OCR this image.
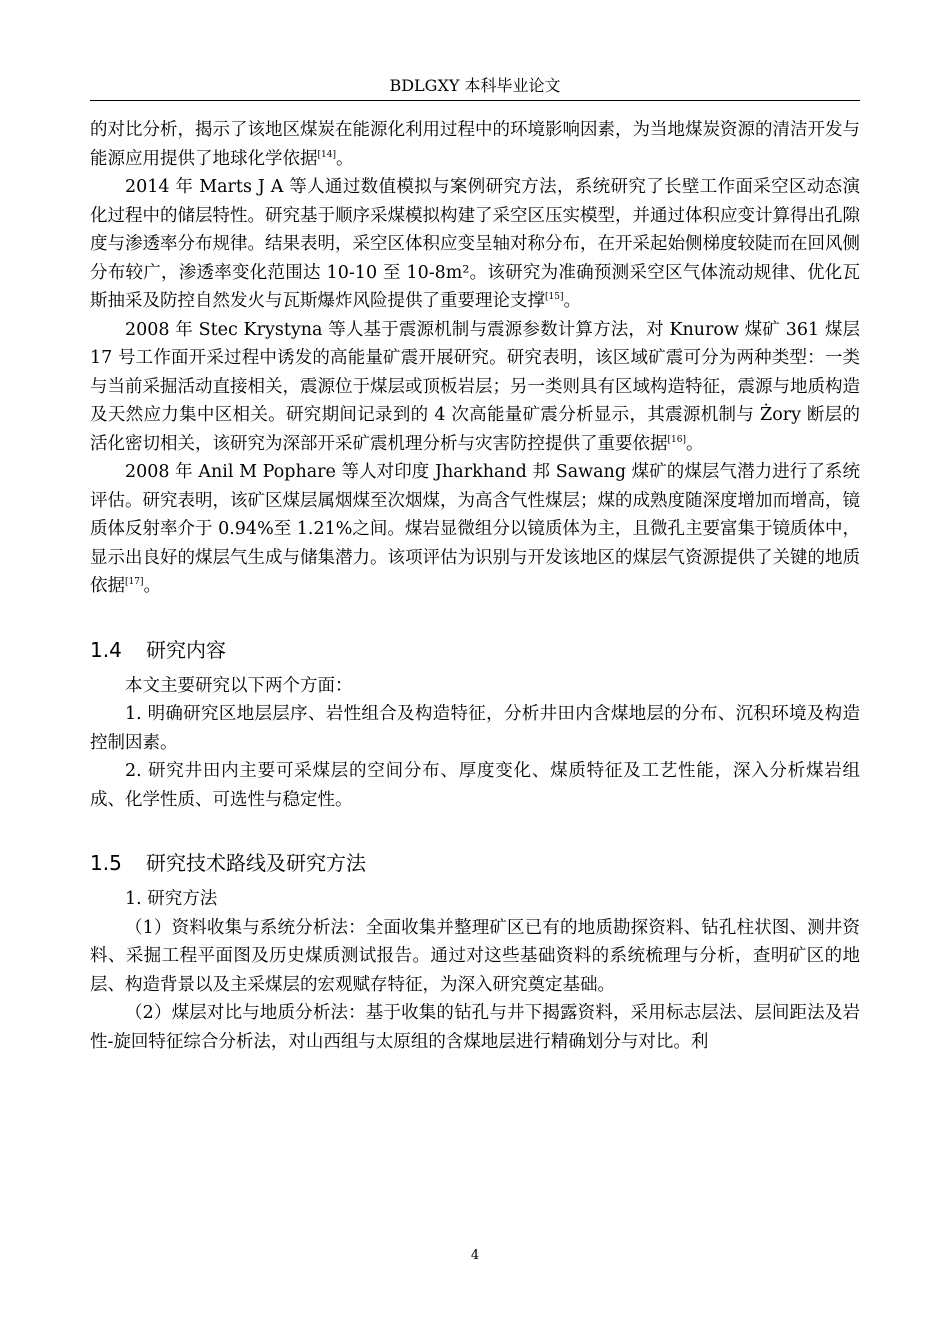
BDLGXY 本科毕业论文

的对比分析，揭示了该地区煤炭在能源化利用过程中的环境影响因素，为当地煤炭资源的清洁开发与能源应用提供了地球化学依据[14]。

2014 年 Marts J A 等人通过数值模拟与案例研究方法，系统研究了长壁工作面采空区动态演化过程中的储层特性。研究基于顺序采煤模拟构建了采空区压实模型，并通过体积应变计算得出孔隙度与渗透率分布规律。结果表明，采空区体积应变呈轴对称分布，在开采起始侧梯度较陡而在回风侧分布较广，渗透率变化范围达 10-10 至 10-8m²。该研究为准确预测采空区气体流动规律、优化瓦斯抽采及防控自然发火与瓦斯爆炸风险提供了重要理论支撑[15]。

2008 年 Stec Krystyna 等人基于震源机制与震源参数计算方法，对 Knurow 煤矿 361 煤层 17 号工作面开采过程中诱发的高能量矿震开展研究。研究表明，该区域矿震可分为两种类型：一类与当前采掘活动直接相关，震源位于煤层或顶板岩层；另一类则具有区域构造特征，震源与地质构造及天然应力集中区相关。研究期间记录到的 4 次高能量矿震分析显示，其震源机制与 Żory 断层的活化密切相关，该研究为深部开采矿震机理分析与灾害防控提供了重要依据[16]。

2008 年 Anil M Pophare 等人对印度 Jharkhand 邦 Sawang 煤矿的煤层气潜力进行了系统评估。研究表明，该矿区煤层属烟煤至次烟煤，为高含气性煤层；煤的成熟度随深度增加而增高，镜质体反射率介于 0.94%至 1.21%之间。煤岩显微组分以镜质体为主，且微孔主要富集于镜质体中，显示出良好的煤层气生成与储集潜力。该项评估为识别与开发该地区的煤层气资源提供了关键的地质依据[17]。

1.4 研究内容

本文主要研究以下两个方面：

1. 明确研究区地层层序、岩性组合及构造特征，分析井田内含煤地层的分布、沉积环境及构造控制因素。

2. 研究井田内主要可采煤层的空间分布、厚度变化、煤质特征及工艺性能，深入分析煤岩组成、化学性质、可选性与稳定性。

1.5 研究技术路线及研究方法

1. 研究方法

（1）资料收集与系统分析法：全面收集并整理矿区已有的地质勘探资料、钻孔柱状图、测井资料、采掘工程平面图及历史煤质测试报告。通过对这些基础资料的系统梳理与分析，查明矿区的地层、构造背景以及主采煤层的宏观赋存特征，为深入研究奠定基础。

（2）煤层对比与地质分析法：基于收集的钻孔与井下揭露资料，采用标志层法、层间距法及岩性-旋回特征综合分析法，对山西组与太原组的含煤地层进行精确划分与对比。利

4
